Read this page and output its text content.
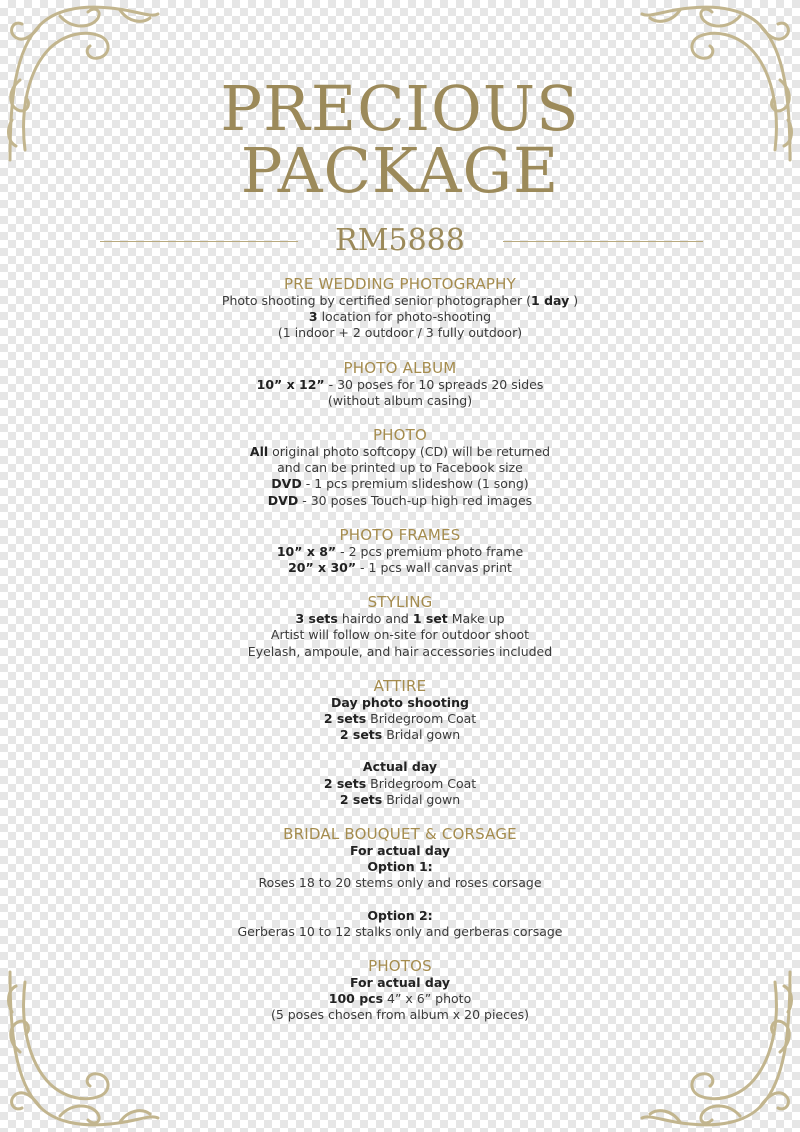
PRECIOUS
PACKAGE
RM5888
PRE WEDDING PHOTOGRAPHY
Photo shooting by certified senior photographer (1 day )
3 location for photo-shooting
(1 indoor + 2 outdoor / 3 fully outdoor)
PHOTO ALBUM
10” x 12” - 30 poses for 10 spreads 20 sides
(without album casing)
PHOTO
All original photo softcopy (CD) will be returned
and can be printed up to Facebook size
DVD - 1 pcs premium slideshow (1 song)
DVD - 30 poses Touch-up high red images
PHOTO FRAMES
10” x 8” - 2 pcs premium photo frame
20” x 30” - 1 pcs wall canvas print
STYLING
3 sets hairdo and 1 set Make up
Artist will follow on-site for outdoor shoot
Eyelash, ampoule, and hair accessories included
ATTIRE
Day photo shooting
2 sets Bridegroom Coat
2 sets Bridal gown
Actual day
2 sets Bridegroom Coat
2 sets Bridal gown
BRIDAL BOUQUET & CORSAGE
For actual day
Option 1:
Roses 18 to 20 stems only and roses corsage
Option 2:
Gerberas 10 to 12 stalks only and gerberas corsage
PHOTOS
For actual day
100 pcs 4” x 6” photo
(5 poses chosen from album x 20 pieces)
